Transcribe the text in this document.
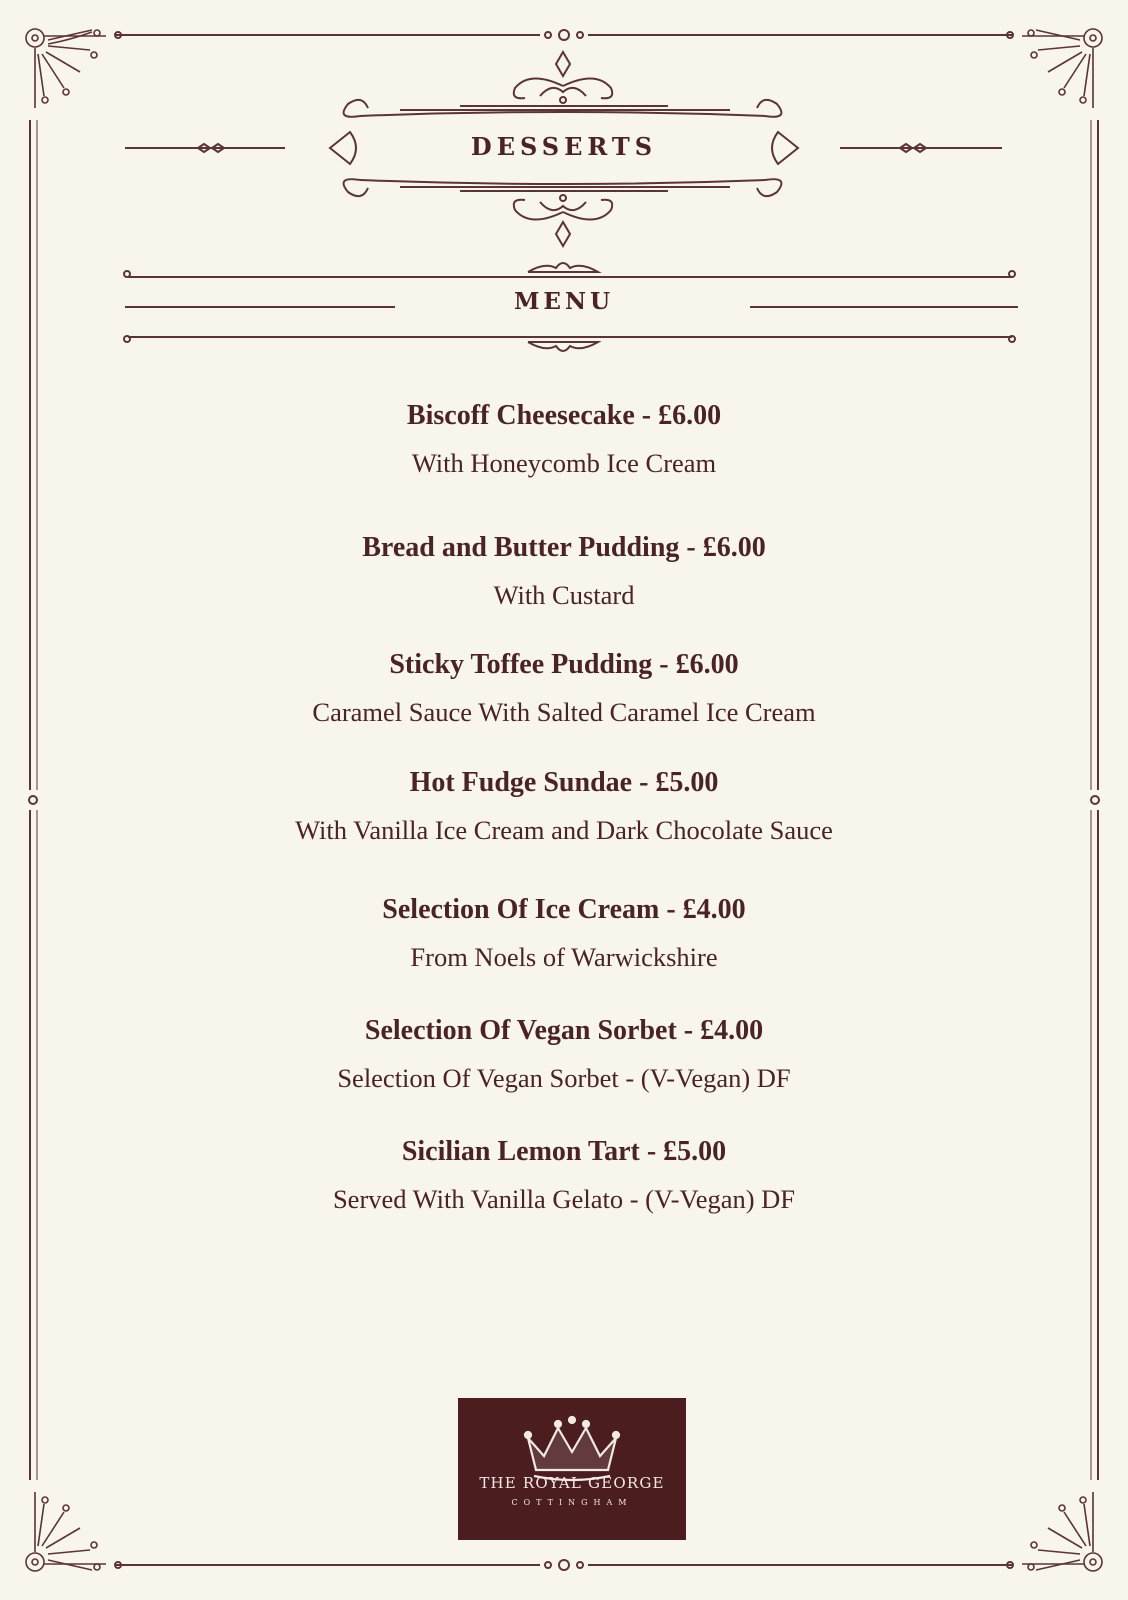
DESSERTS
MENU
Biscoff Cheesecake - £6.00
With Honeycomb Ice Cream
Bread and Butter Pudding - £6.00
With Custard
Sticky Toffee Pudding - £6.00
Caramel Sauce With Salted Caramel Ice Cream
Hot Fudge Sundae - £5.00
With Vanilla Ice Cream and Dark Chocolate Sauce
Selection Of Ice Cream - £4.00
From Noels of Warwickshire
Selection Of Vegan Sorbet - £4.00
Selection Of Vegan Sorbet - (V-Vegan) DF
Sicilian Lemon Tart - £5.00
Served With Vanilla Gelato - (V-Vegan) DF
THE ROYAL GEORGE
COTTINGHAM
